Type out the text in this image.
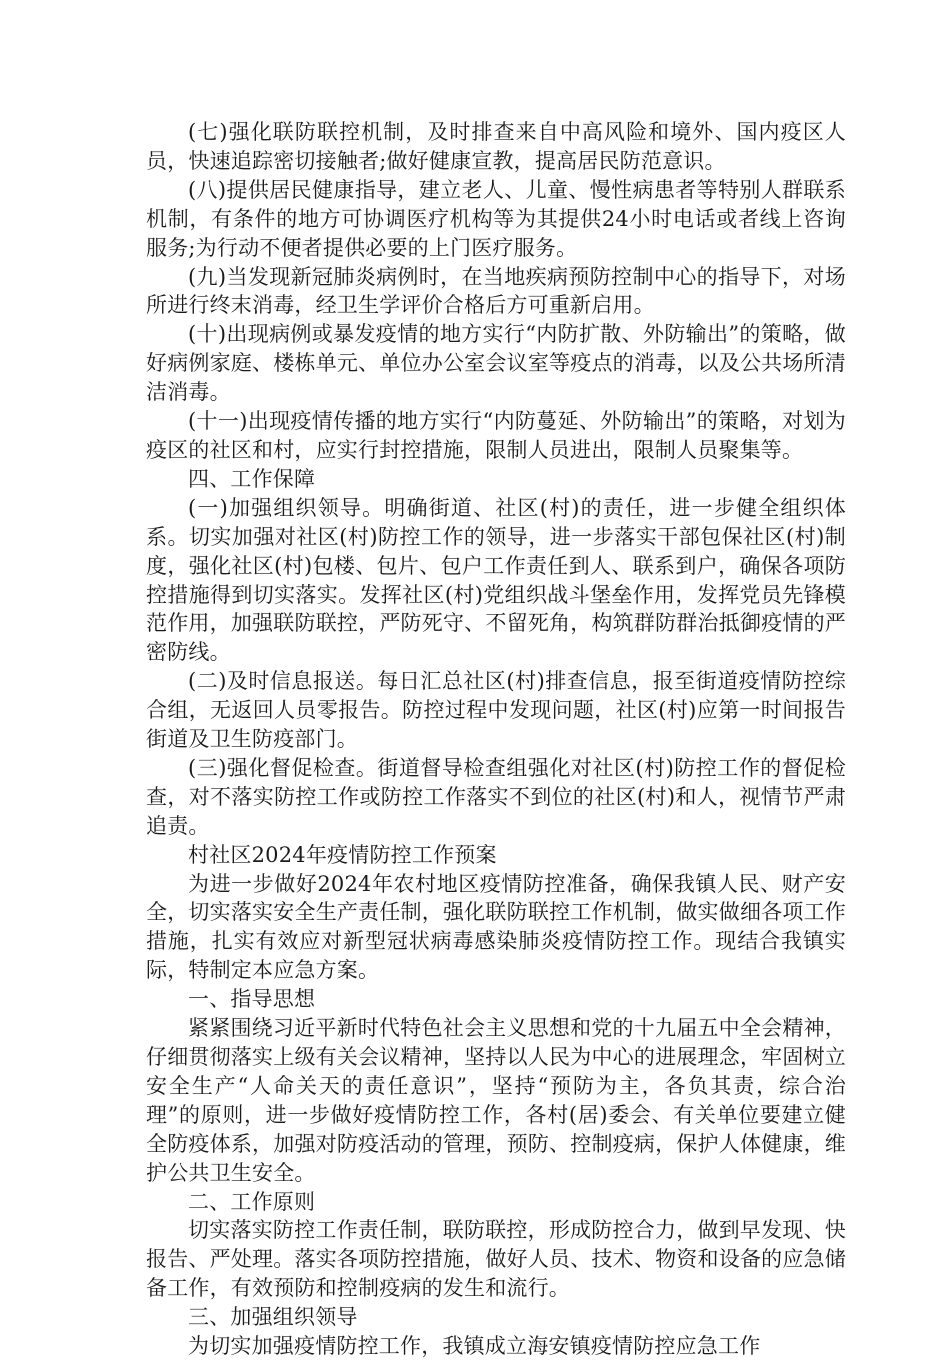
(七)强化联防联控机制，及时排查来自中高风险和境外、国内疫区人员，快速追踪密切接触者;做好健康宣教，提高居民防范意识。

(八)提供居民健康指导，建立老人、儿童、慢性病患者等特别人群联系机制，有条件的地方可协调医疗机构等为其提供24小时电话或者线上咨询服务;为行动不便者提供必要的上门医疗服务。

(九)当发现新冠肺炎病例时，在当地疾病预防控制中心的指导下，对场所进行终末消毒，经卫生学评价合格后方可重新启用。

(十)出现病例或暴发疫情的地方实行“内防扩散、外防输出”的策略，做好病例家庭、楼栋单元、单位办公室会议室等疫点的消毒，以及公共场所清洁消毒。

(十一)出现疫情传播的地方实行“内防蔓延、外防输出”的策略，对划为疫区的社区和村，应实行封控措施，限制人员进出，限制人员聚集等。

四、工作保障

(一)加强组织领导。明确街道、社区(村)的责任，进一步健全组织体系。切实加强对社区(村)防控工作的领导，进一步落实干部包保社区(村)制度，强化社区(村)包楼、包片、包户工作责任到人、联系到户，确保各项防控措施得到切实落实。发挥社区(村)党组织战斗堡垒作用，发挥党员先锋模范作用，加强联防联控，严防死守、不留死角，构筑群防群治抵御疫情的严密防线。

(二)及时信息报送。每日汇总社区(村)排查信息，报至街道疫情防控综合组，无返回人员零报告。防控过程中发现问题，社区(村)应第一时间报告街道及卫生防疫部门。

(三)强化督促检查。街道督导检查组强化对社区(村)防控工作的督促检查，对不落实防控工作或防控工作落实不到位的社区(村)和人，视情节严肃追责。

村社区2024年疫情防控工作预案

为进一步做好2024年农村地区疫情防控准备，确保我镇人民、财产安全，切实落实安全生产责任制，强化联防联控工作机制，做实做细各项工作措施，扎实有效应对新型冠状病毒感染肺炎疫情防控工作。现结合我镇实际，特制定本应急方案。

一、指导思想

紧紧围绕习近平新时代特色社会主义思想和党的十九届五中全会精神，仔细贯彻落实上级有关会议精神，坚持以人民为中心的进展理念，牢固树立安全生产“人命关天的责任意识”，坚持“预防为主，各负其责，综合治理”的原则，进一步做好疫情防控工作，各村(居)委会、有关单位要建立健全防疫体系，加强对防疫活动的管理，预防、控制疫病，保护人体健康，维护公共卫生安全。

二、工作原则

切实落实防控工作责任制，联防联控，形成防控合力，做到早发现、快报告、严处理。落实各项防控措施，做好人员、技术、物资和设备的应急储备工作，有效预防和控制疫病的发生和流行。

三、加强组织领导

为切实加强疫情防控工作，我镇成立海安镇疫情防控应急工作
